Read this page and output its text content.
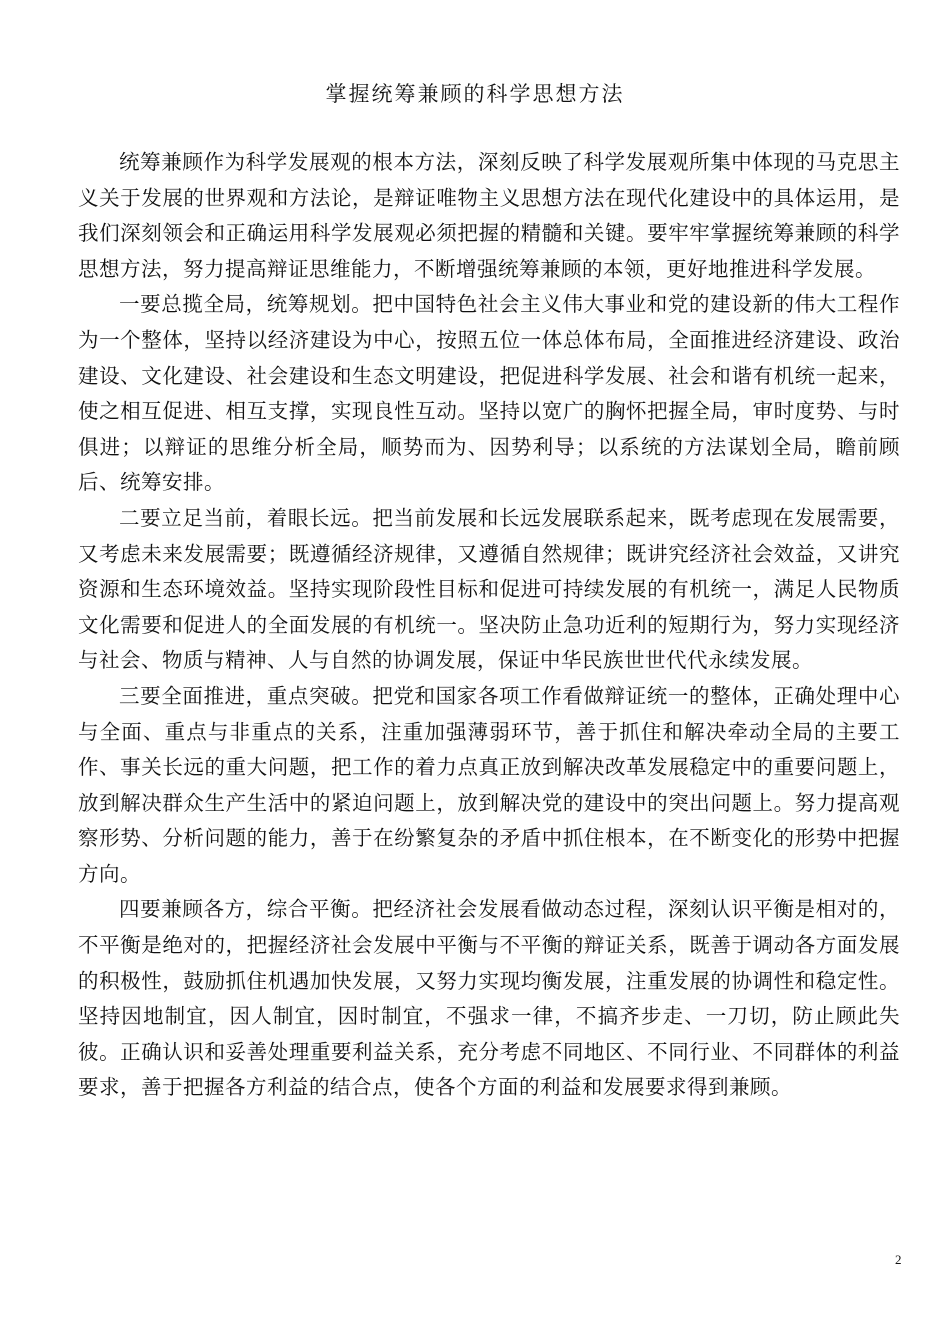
掌握统筹兼顾的科学思想方法

统筹兼顾作为科学发展观的根本方法，深刻反映了科学发展观所集中体现的马克思主义关于发展的世界观和方法论，是辩证唯物主义思想方法在现代化建设中的具体运用，是我们深刻领会和正确运用科学发展观必须把握的精髓和关键。要牢牢掌握统筹兼顾的科学思想方法，努力提高辩证思维能力，不断增强统筹兼顾的本领，更好地推进科学发展。

一要总揽全局，统筹规划。把中国特色社会主义伟大事业和党的建设新的伟大工程作为一个整体，坚持以经济建设为中心，按照五位一体总体布局，全面推进经济建设、政治建设、文化建设、社会建设和生态文明建设，把促进科学发展、社会和谐有机统一起来，使之相互促进、相互支撑，实现良性互动。坚持以宽广的胸怀把握全局，审时度势、与时俱进；以辩证的思维分析全局，顺势而为、因势利导；以系统的方法谋划全局，瞻前顾后、统筹安排。

二要立足当前，着眼长远。把当前发展和长远发展联系起来，既考虑现在发展需要，又考虑未来发展需要；既遵循经济规律，又遵循自然规律；既讲究经济社会效益，又讲究资源和生态环境效益。坚持实现阶段性目标和促进可持续发展的有机统一，满足人民物质文化需要和促进人的全面发展的有机统一。坚决防止急功近利的短期行为，努力实现经济与社会、物质与精神、人与自然的协调发展，保证中华民族世世代代永续发展。

三要全面推进，重点突破。把党和国家各项工作看做辩证统一的整体，正确处理中心与全面、重点与非重点的关系，注重加强薄弱环节，善于抓住和解决牵动全局的主要工作、事关长远的重大问题，把工作的着力点真正放到解决改革发展稳定中的重要问题上，放到解决群众生产生活中的紧迫问题上，放到解决党的建设中的突出问题上。努力提高观察形势、分析问题的能力，善于在纷繁复杂的矛盾中抓住根本，在不断变化的形势中把握方向。

四要兼顾各方，综合平衡。把经济社会发展看做动态过程，深刻认识平衡是相对的，不平衡是绝对的，把握经济社会发展中平衡与不平衡的辩证关系，既善于调动各方面发展的积极性，鼓励抓住机遇加快发展，又努力实现均衡发展，注重发展的协调性和稳定性。坚持因地制宜，因人制宜，因时制宜，不强求一律，不搞齐步走、一刀切，防止顾此失彼。正确认识和妥善处理重要利益关系，充分考虑不同地区、不同行业、不同群体的利益要求，善于把握各方利益的结合点，使各个方面的利益和发展要求得到兼顾。

2
